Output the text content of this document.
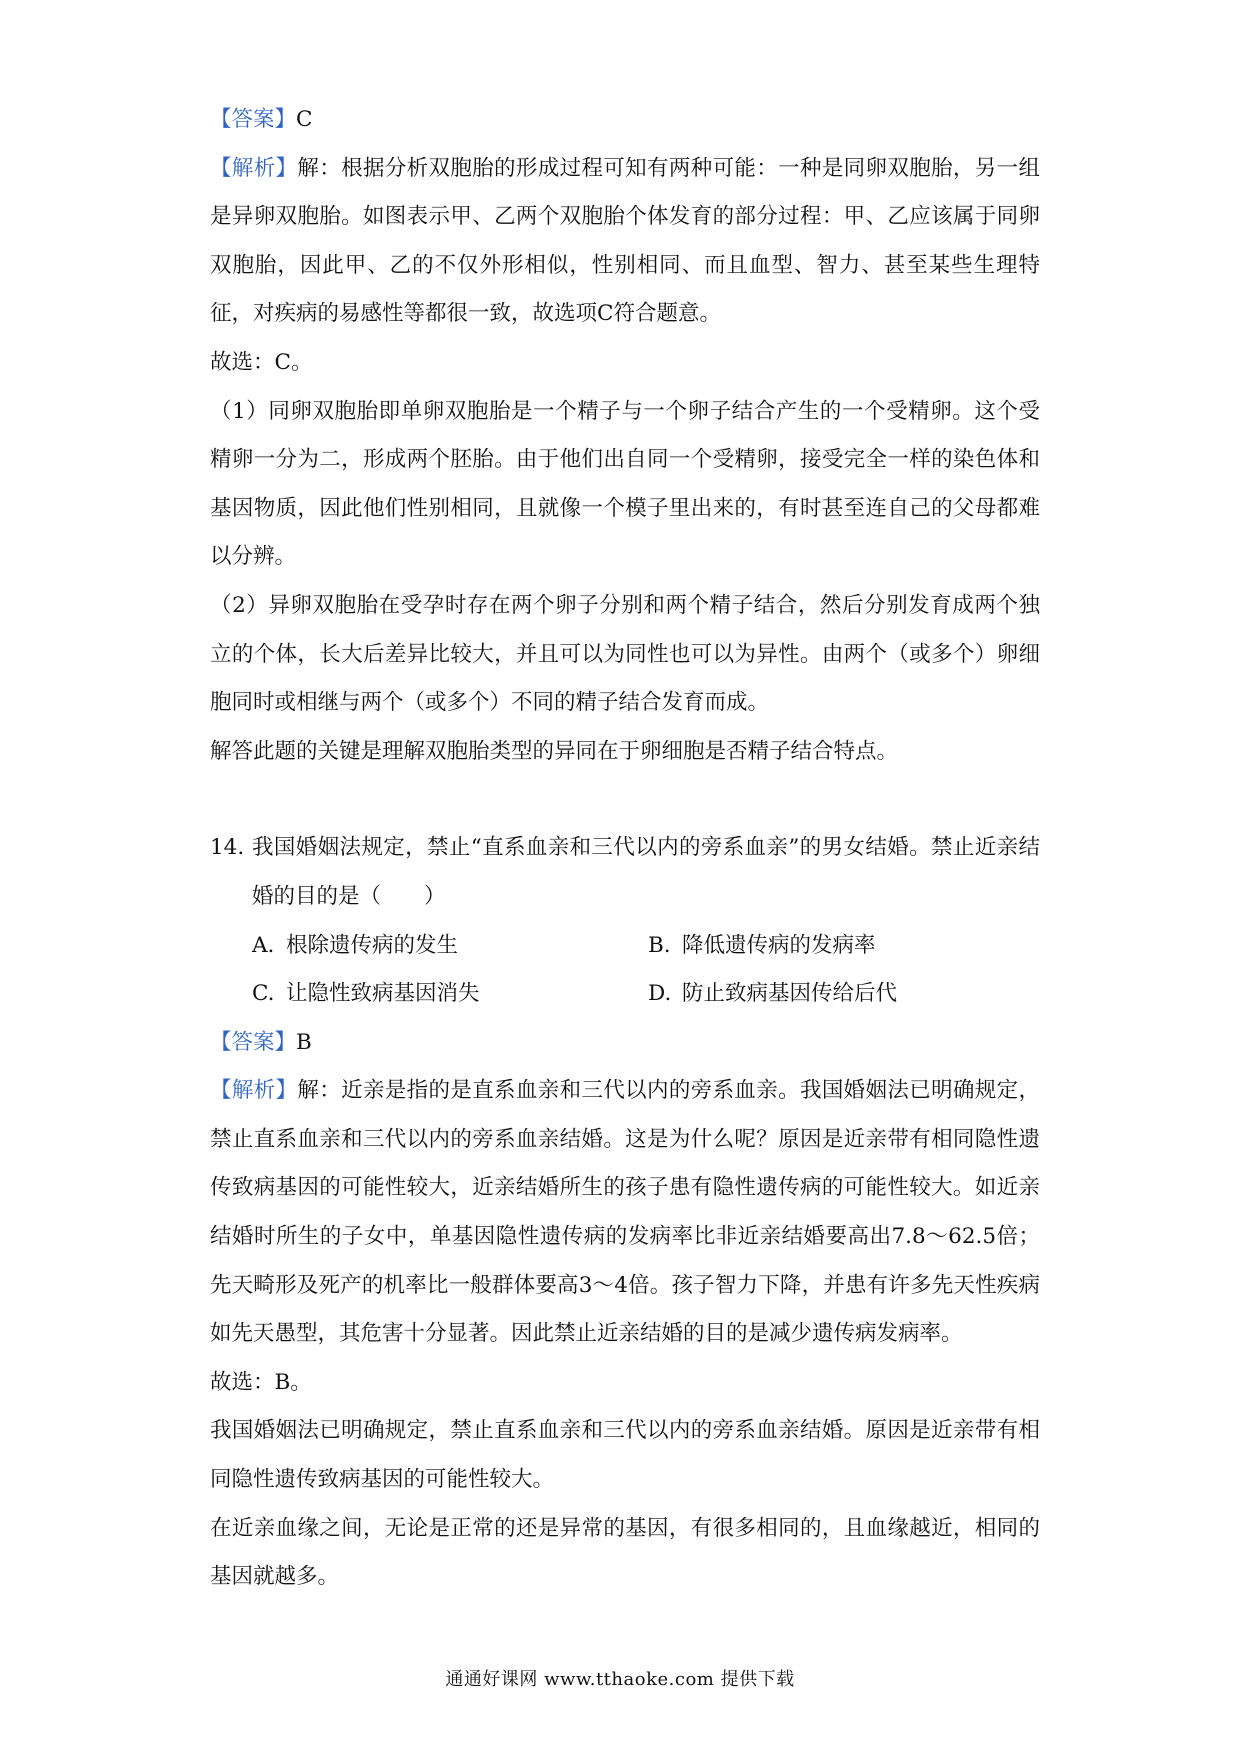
【答案】C

【解析】解：根据分析双胞胎的形成过程可知有两种可能：一种是同卵双胞胎，另一组是异卵双胞胎。如图表示甲、乙两个双胞胎个体发育的部分过程：甲、乙应该属于同卵双胞胎，因此甲、乙的不仅外形相似，性别相同、而且血型、智力、甚至某些生理特征，对疾病的易感性等都很一致，故选项C符合题意。

故选：C。

（1）同卵双胞胎即单卵双胞胎是一个精子与一个卵子结合产生的一个受精卵。这个受精卵一分为二，形成两个胚胎。由于他们出自同一个受精卵，接受完全一样的染色体和基因物质，因此他们性别相同，且就像一个模子里出来的，有时甚至连自己的父母都难以分辨。

（2）异卵双胞胎在受孕时存在两个卵子分别和两个精子结合，然后分别发育成两个独立的个体，长大后差异比较大，并且可以为同性也可以为异性。由两个（或多个）卵细胞同时或相继与两个（或多个）不同的精子结合发育而成。

解答此题的关键是理解双胞胎类型的异同在于卵细胞是否精子结合特点。

14. 我国婚姻法规定，禁止“直系血亲和三代以内的旁系血亲”的男女结婚。禁止近亲结婚的目的是（　　）

A. 根除遗传病的发生	B. 降低遗传病的发病率
C. 让隐性致病基因消失	D. 防止致病基因传给后代

【答案】B

【解析】解：近亲是指的是直系血亲和三代以内的旁系血亲。我国婚姻法已明确规定，禁止直系血亲和三代以内的旁系血亲结婚。这是为什么呢？原因是近亲带有相同隐性遗传致病基因的可能性较大，近亲结婚所生的孩子患有隐性遗传病的可能性较大。如近亲结婚时所生的子女中，单基因隐性遗传病的发病率比非近亲结婚要高出7.8～62.5倍；先天畸形及死产的机率比一般群体要高3～4倍。孩子智力下降，并患有许多先天性疾病如先天愚型，其危害十分显著。因此禁止近亲结婚的目的是减少遗传病发病率。

故选：B。

我国婚姻法已明确规定，禁止直系血亲和三代以内的旁系血亲结婚。原因是近亲带有相同隐性遗传致病基因的可能性较大。

在近亲血缘之间，无论是正常的还是异常的基因，有很多相同的，且血缘越近，相同的基因就越多。

通通好课网 www.tthaoke.com 提供下载
